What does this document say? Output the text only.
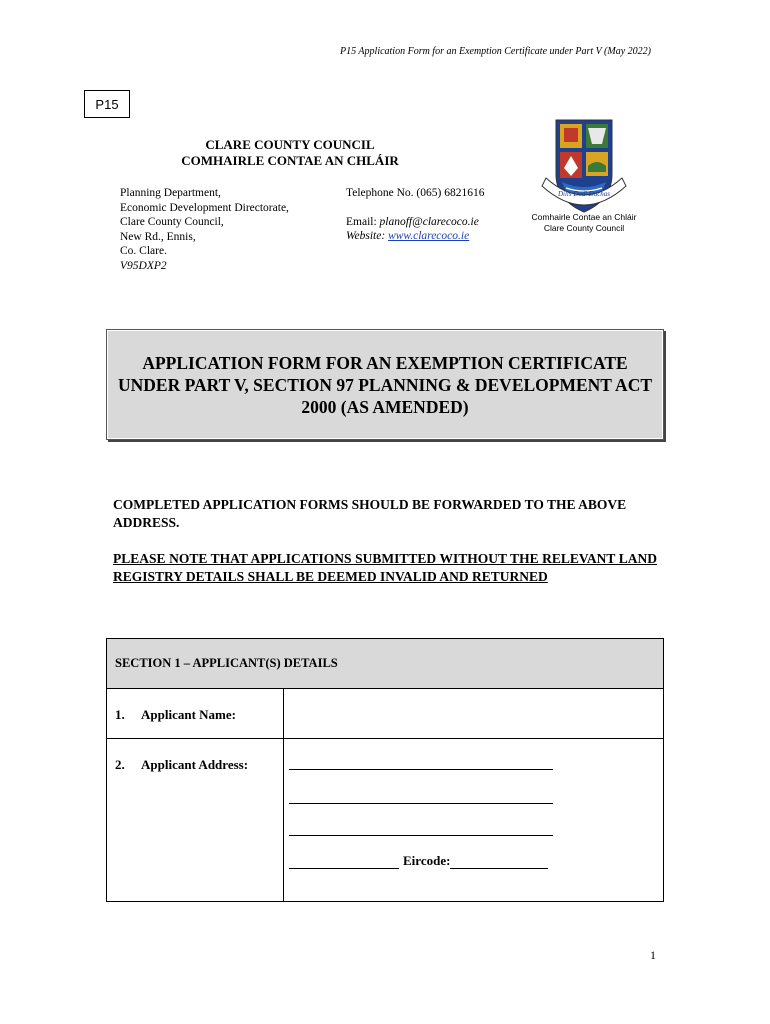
P15 Application Form for an Exemption Certificate under Part V (May 2022)
P15
CLARE COUNTY COUNCIL
COMHAIRLE CONTAE AN CHLÁIR
Planning Department,
Economic Development Directorate,
Clare County Council,
New Rd., Ennis,
Co. Clare.
V95DXP2
Telephone No. (065) 6821616
Email: planoff@clarecoco.ie
Website: www.clarecoco.ie
Dílis Dod' Dúchas
Comhairle Contae an Chláir
Clare County Council
APPLICATION FORM FOR AN EXEMPTION CERTIFICATE UNDER PART V, SECTION 97 PLANNING & DEVELOPMENT ACT 2000 (AS AMENDED)
COMPLETED APPLICATION FORMS SHOULD BE FORWARDED TO THE ABOVE ADDRESS.
PLEASE NOTE THAT APPLICATIONS SUBMITTED WITHOUT THE RELEVANT LAND REGISTRY DETAILS SHALL BE DEEMED INVALID AND RETURNED
SECTION 1 – APPLICANT(S) DETAILS
1. Applicant Name:
2. Applicant Address:
Eircode:
1
